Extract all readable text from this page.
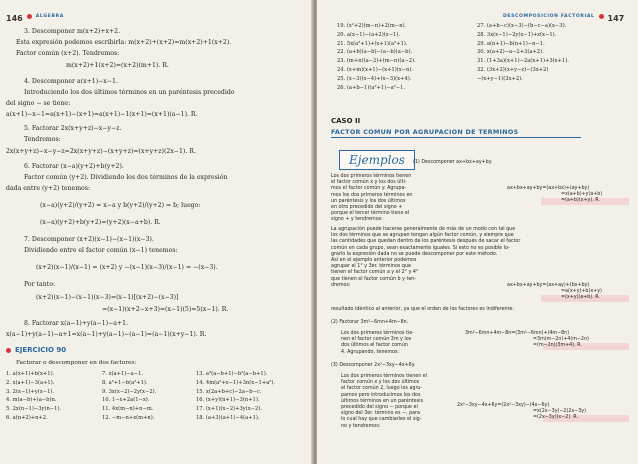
146	ALGEBRA
3. Descomponer m(x+2)+x+2.
Esta expresión podemos escribirla: m(x+2)+(x+2)=m(x+2)+1(x+2).
Factor común (x+2). Tendremos:
m(x+2)+1(x+2)=(x+2)(m+1). R.
4. Descomponer a(x+1)−x−1.
Introduciendo los dos últimos términos en un paréntesis precedido
del signo − se tiene:
a(x+1)−x−1=a(x+1)−(x+1)=a(x+1)−1(x+1)=(x+1)(a−1). R.
5. Factorar 2x(x+y+z)−x−y−z.
Tendremos:
2x(x+y+z)−x−y−z=2x(x+y+z)−(x+y+z)=(x+y+z)(2x−1). R.
6. Factorar (x−a)(y+2)+b(y+2).
Factor común (y+2). Dividiendo los dos términos de la expresión
dada entre (y+2) tenemos:
(x−a)(y+2)/(y+2) = x−a y b(y+2)/(y+2) = b; luego:
(x−a)(y+2)+b(y+2)=(y+2)(x−a+b). R.
7. Descomponer (x+2)(x−1)−(x−1)(x−3).
Dividiendo entre el factor común (x−1) tenemos:
(x+2)(x−1)/(x−1) = (x+2) y −(x−1)(x−3)/(x−1) = −(x−3).
Por tanto:
(x+2)(x−1)−(x−1)(x−3)=(x−1)[(x+2)−(x−3)]
=(x−1)(x+2−x+3)=(x−1)(5)=5(x−1). R.
8. Factorar x(a−1)+y(a−1)−a+1.
x(a−1)+y(a−1)−a+1=x(a−1)+y(a−1)−(a−1)=(a−1)(x+y−1). R.
EJERCICIO 90
Factorar o descomponer en dos factores:
1. a(x+1)+b(x+1).
2. x(a+1)−3(a+1).
3. 2(x−1)+y(x−1).
4. m(a−b)+(a−b)n.
5. 2x(n−1)−3y(n−1).
6. a(n+2)+n+2.
7. x(a+1)−a−1.
8. a²+1−b(a²+1).
9. 3x(x−2)−2y(x−2).
10. 1−x+2a(1−x).
11. 4x(m−n)+n−m.
12. −m−n+x(m+n).
13. a³(a−b+1)−b²(a−b+1).
14. 4m(a²+x−1)+3n(x−1+a²).
15. x(2a+b+c)−2a−b−c.
16. (x+y)(n+1)−3(n+1).
17. (x+1)(x−2)+3y(x−2).
18. (a+3)(a+1)−4(a+1).
DESCOMPOSICION FACTORIAL 147
19. (x²+2)(m−n)+2(m−n).
20. a(x−1)−(a+2)(x−1).
21. 5x(a²+1)+(x+1)(a²+1).
22. (a+b)(a−b)−(a−b)(a−b).
23. (m+n)(a−2)+(m−n)(a−2).
24. (x+m)(x+1)−(x+1)(x−n).
25. (x−3)(x−4)+(x−3)(x+4).
26. (a+b−1)(a²+1)−a²−1.
27. (a+b−c)(x−3)−(b−c−a)(x−3).
28. 3x(x−1)−2y(x−1)+z(x−1).
29. a(n+1)−b(n+1)−n−1.
30. x(a+2)−a−2+3(a+2).
31. (1+3a)(x+1)−2a(x+1)+3(x+1).
32. (3x+2)(x+y−z)−(3x+2)
−(x+y−1)(3x+2).
CASO II
FACTOR COMUN POR AGRUPACION DE TERMINOS
Ejemplos	(1) Descomponer ax+bx+ay+by.
Los dos primeros términos tienen
el factor común x y los dos últi-
mos el factor común y. Agrupa-
mos los dos primeros términos en
un paréntesis y los dos últimos
en otro precedido del signo +
porque el tercer término tiene el
signo + y tendremos:
ax+bx+ay+by=(ax+bx)+(ay+by)
=x(a+b)+y(a+b)
=(a+b)(x+y). R.
La agrupación puede hacerse generalmente de más de un modo con tal que
los dos términos que se agrupan tengan algún factor común, y siempre que
las cantidades que quedan dentro de los paréntesis después de sacar el factor
común en cada grupo, sean exactamente iguales. Si esto no es posible lo-
grarlo la expresión dada no se puede descomponer por este método.
Así en el ejemplo anterior podemos
agrupar el 1° y 3er. términos que
tienen el factor común a y el 2° y 4°
que tienen el factor común b y ten-
dremos:	ax+bx+ay+by=(ax+ay)+(bx+by)
=a(x+y)+b(x+y)
=(x+y)(a+b). R.
resultado idéntico al anterior, ya que el orden de los factores es indiferente.
(2) Factorar 3m²−6mn+4m−8n.
Los dos primeros términos tie-
nen el factor común 3m y los
dos últimos el factor común
4. Agrupando, tenemos:
3m²−6mn+4m−8n=(3m²−6mn)+(4m−8n)
=3m(m−2n)+4(m−2n)
=(m−2n)(3m+4). R.
(3) Descomponer 2x²−3xy−4x+6y.
Los dos primeros términos tienen el
factor común x y los dos últimos
el factor común 2, luego los agru-
pamos pero introducimos los dos
últimos términos en un paréntesis
precedido del signo − porque el
signo del 3er. término es −, para
lo cual hay que cambiarles el sig-
no y tendremos:
2x²−3xy−4x+6y=(2x²−3xy)−(4x−6y)
=x(2x−3y)−2(2x−3y)
=(2x−3y)(x−2). R.
